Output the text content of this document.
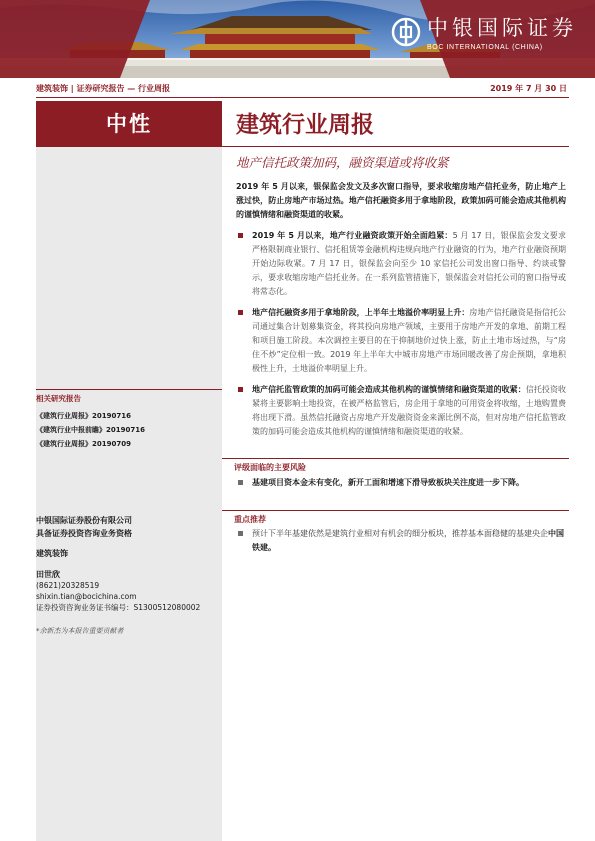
中银国际证券
BOC INTERNATIONAL (CHINA)
建筑装饰 | 证券研究报告 — 行业周报	2019 年 7 月 30 日
中性
相关研究报告
《建筑行业周报》20190716
《建筑行业中报前瞻》20190716
《建筑行业周报》20190709
中银国际证券股份有限公司
具备证券投资咨询业务资格
建筑装饰
田世欣
(8621)20328519
shixin.tian@bocichina.com
证券投资咨询业务证书编号：S1300512080002
*余新杰为本报告重要贡献者
建筑行业周报
地产信托政策加码，融资渠道或将收紧

2019 年 5 月以来，银保监会发文及多次窗口指导，要求收缩房地产信托业务，防止地产上涨过快，防止房地产市场过热。地产信托融资多用于拿地阶段，政策加码可能会造成其他机构的谨慎情绪和融资渠道的收紧。

2019 年 5 月以来，地产行业融资政策开始全面趋紧：5 月 17 日，银保监会发文要求严格限制商业银行、信托租赁等金融机构违规向地产行业融资的行为，地产行业融资预期开始边际收紧。7 月 17 日，银保监会向至少 10 家信托公司发出窗口指导、约谈或警示，要求收缩房地产信托业务。在一系列监管措施下，银保监会对信托公司的窗口指导或将常态化。
地产信托融资多用于拿地阶段，上半年土地溢价率明显上升：房地产信托融资是指信托公司通过集合计划募集资金，将其投向房地产领域，主要用于房地产开发的拿地、前期工程和项目施工阶段。本次调控主要目的在于抑制地价过快上涨，防止土地市场过热，与“房住不炒”定位相一致。2019 年上半年大中城市房地产市场回暖改善了房企预期，拿地积极性上升，土地溢价率明显上升。
地产信托监管政策的加码可能会造成其他机构的谨慎情绪和融资渠道的收紧：信托投资收紧将主要影响土地投资，在被严格监管后，房企用于拿地的可用资金将收缩，土地购置费将出现下滑。虽然信托融资占房地产开发融资资金来源比例不高，但对房地产信托监管政策的加码可能会造成其他机构的谨慎情绪和融资渠道的收紧。
评级面临的主要风险
基建项目资本金未有变化，新开工面和增速下滑导致板块关注度进一步下降。
重点推荐
预计下半年基建依然是建筑行业相对有机会的细分板块，推荐基本面稳健的基建央企中国铁建。
